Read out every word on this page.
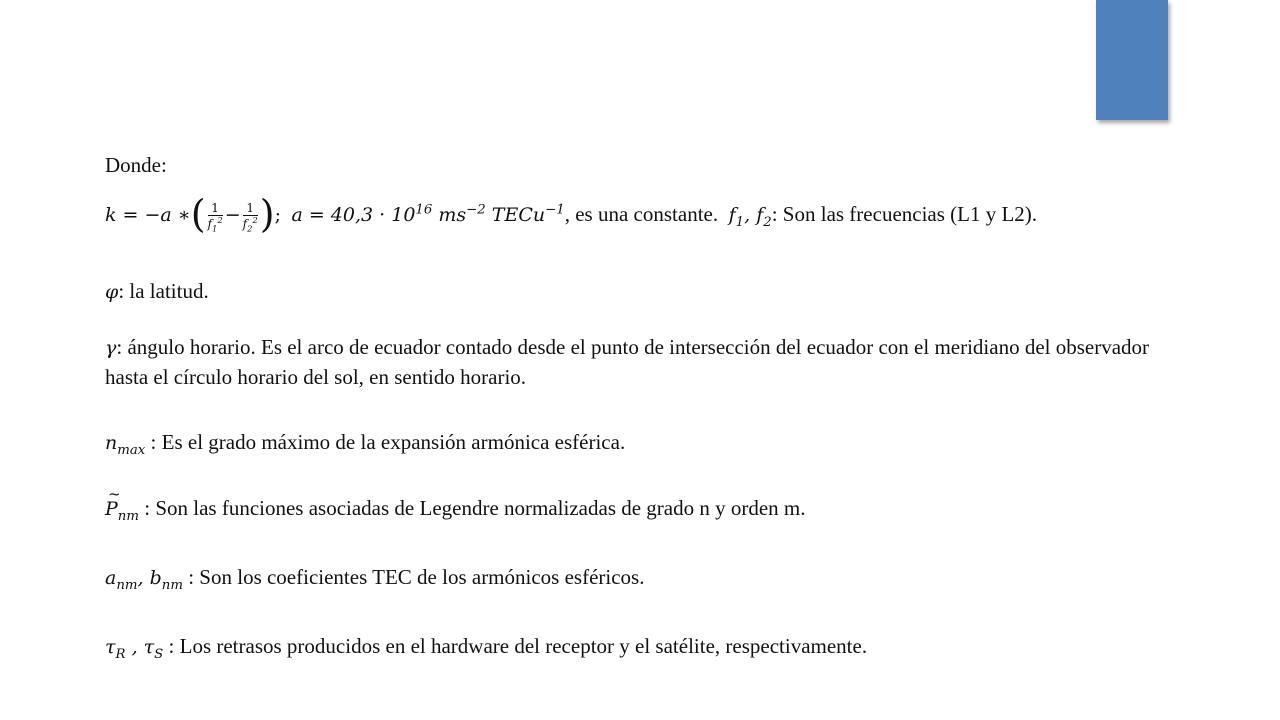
Donde:
k = −a ∗( $\frac{1}{f_1^2} - \frac{1}{f_2^2}$ ); $a = 40,3 \cdot 10^{16}$ $ms^{-2}$ TECu$^{-1}$, es una constante. $f_1$, $f_2$: Son las frecuencias (L1 y L2).
φ: la latitud.
γ: ángulo horario. Es el arco de ecuador contado desde el punto de intersección del ecuador con el meridiano del observador hasta el círculo horario del sol, en sentido horario.
$n_{max}$ : Es el grado máximo de la expansión armónica esférica.
~ $P_{nm}$ : Son las funciones asociadas de Legendre normalizadas de grado n y orden m.
$a_{nm}$, $b_{nm}$ : Son los coeficientes TEC de los armónicos esféricos.
$\tau_R$ , $\tau_S$ : Los retrasos producidos en el hardware del receptor y el satélite, respectivamente.
